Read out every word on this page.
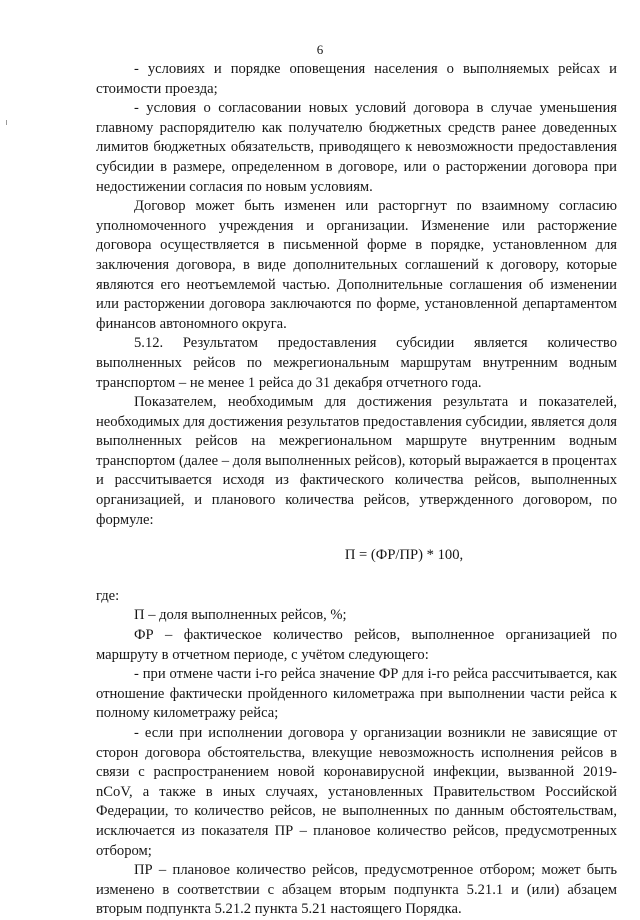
6

- условиях и порядке оповещения населения о выполняемых рейсах и стоимости проезда;

- условия о согласовании новых условий договора в случае уменьшения главному распорядителю как получателю бюджетных средств ранее доведенных лимитов бюджетных обязательств, приводящего к невозможности предоставления субсидии в размере, определенном в договоре, или о расторжении договора при недостижении согласия по новым условиям.

Договор может быть изменен или расторгнут по взаимному согласию уполномоченного учреждения и организации. Изменение или расторжение договора осуществляется в письменной форме в порядке, установленном для заключения договора, в виде дополнительных соглашений к договору, которые являются его неотъемлемой частью. Дополнительные соглашения об изменении или расторжении договора заключаются по форме, установленной департаментом финансов автономного округа.

5.12. Результатом предоставления субсидии является количество выполненных рейсов по межрегиональным маршрутам внутренним водным транспортом – не менее 1 рейса до 31 декабря отчетного года.

Показателем, необходимым для достижения результата и показателей, необходимых для достижения результатов предоставления субсидии, является доля выполненных рейсов на межрегиональном маршруте внутренним водным транспортом (далее – доля выполненных рейсов), который выражается в процентах и рассчитывается исходя из фактического количества рейсов, выполненных организацией, и планового количества рейсов, утвержденного договором, по формуле:

П = (ФР/ПР) * 100,

где:

П – доля выполненных рейсов, %;

ФР – фактическое количество рейсов, выполненное организацией по маршруту в отчетном периоде, с учётом следующего:

- при отмене части i-го рейса значение ФР для i-го рейса рассчитывается, как отношение фактически пройденного километража при выполнении части рейса к полному километражу рейса;

- если при исполнении договора у организации возникли не зависящие от сторон договора обстоятельства, влекущие невозможность исполнения рейсов в связи с распространением новой коронавирусной инфекции, вызванной 2019-nCoV, а также в иных случаях, установленных Правительством Российской Федерации, то количество рейсов, не выполненных по данным обстоятельствам, исключается из показателя ПР – плановое количество рейсов, предусмотренных отбором;

ПР – плановое количество рейсов, предусмотренное отбором; может быть изменено в соответствии с абзацем вторым подпункта 5.21.1 и (или) абзацем вторым подпункта 5.21.2 пункта 5.21 настоящего Порядка.
